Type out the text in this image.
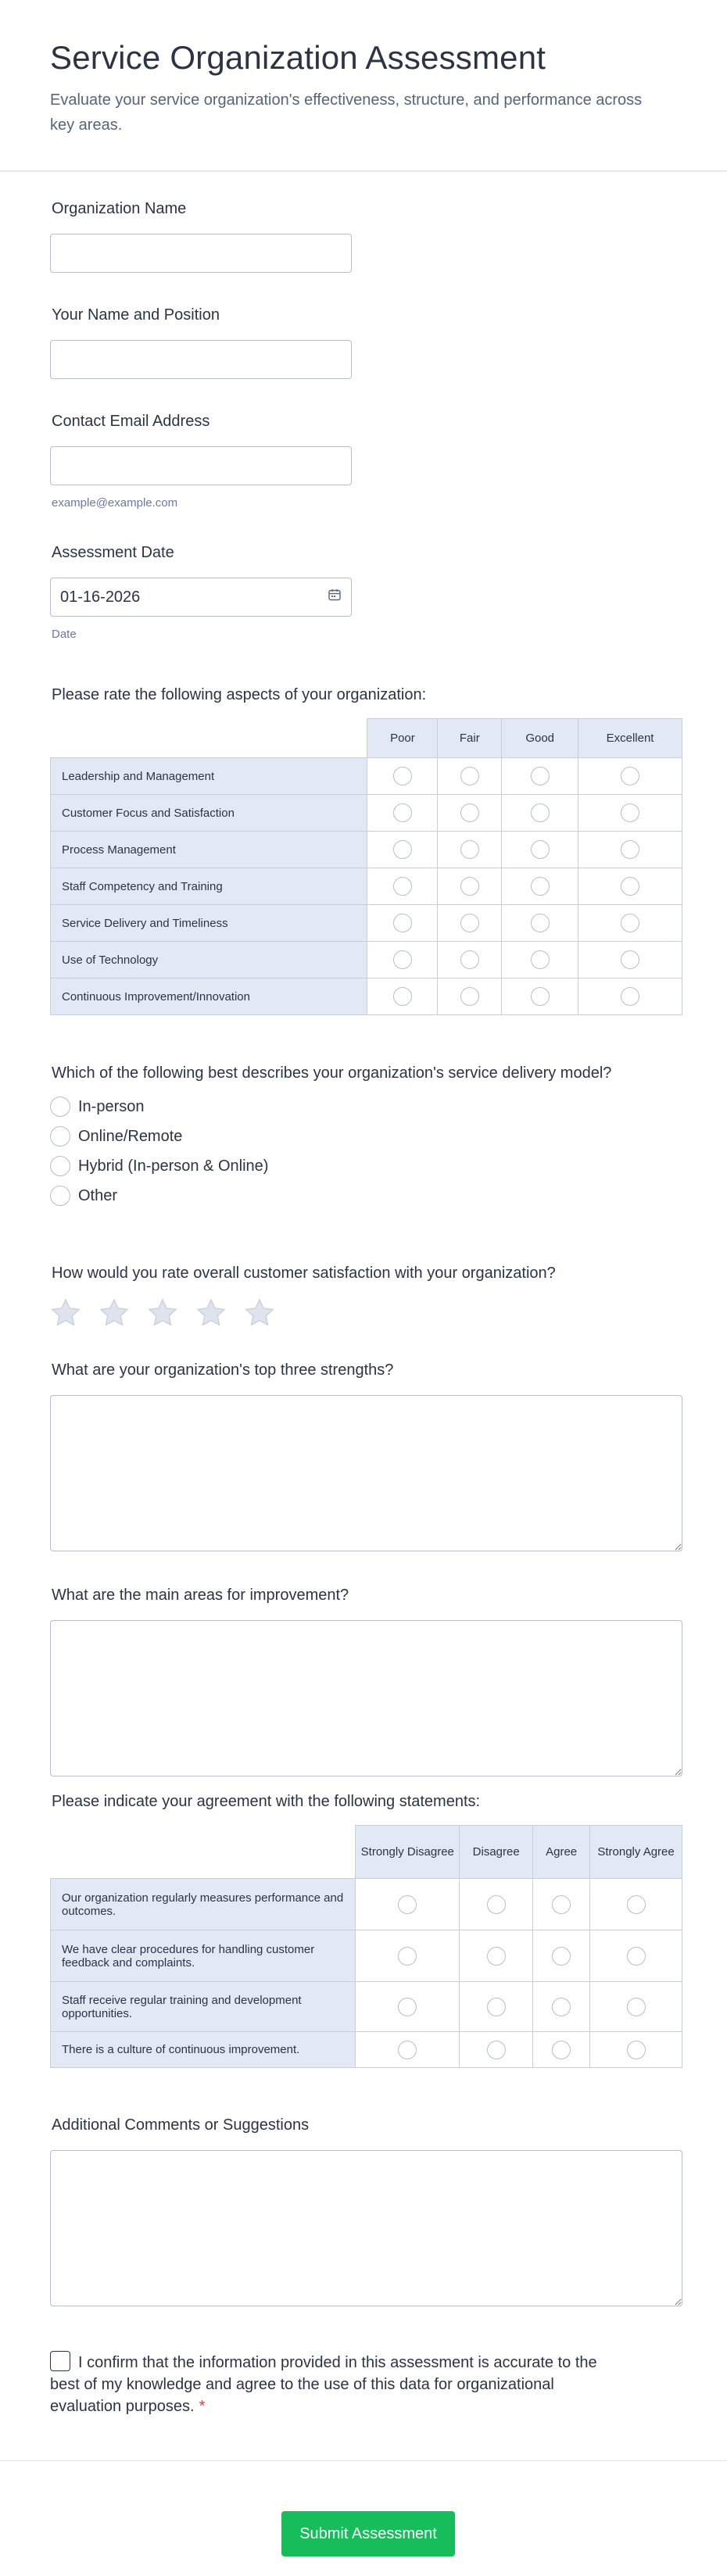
Service Organization Assessment

Evaluate your service organization's effectiveness, structure, and performance across key areas.

Organization Name
Your Name and Position
Contact Email Address
example@example.com
Assessment Date
01-16-2026
Date
Please rate the following aspects of your organization:
	Poor	Fair	Good	Excellent
Leadership and Management				
Customer Focus and Satisfaction				
Process Management				
Staff Competency and Training				
Service Delivery and Timeliness				
Use of Technology				
Continuous Improvement/Innovation				
Which of the following best describes your organization's service delivery model?
In-person
Online/Remote
Hybrid (In-person & Online)
Other
How would you rate overall customer satisfaction with your organization?
What are your organization's top three strengths?
What are the main areas for improvement?
Please indicate your agreement with the following statements:
	Strongly Disagree	Disagree	Agree	Strongly Agree
Our organization regularly measures performance and outcomes.				
We have clear procedures for handling customer feedback and complaints.				
Staff receive regular training and development opportunities.				
There is a culture of continuous improvement.				
Additional Comments or Suggestions
I confirm that the information provided in this assessment is accurate to the best of my knowledge and agree to the use of this data for organizational evaluation purposes. *
Submit Assessment
